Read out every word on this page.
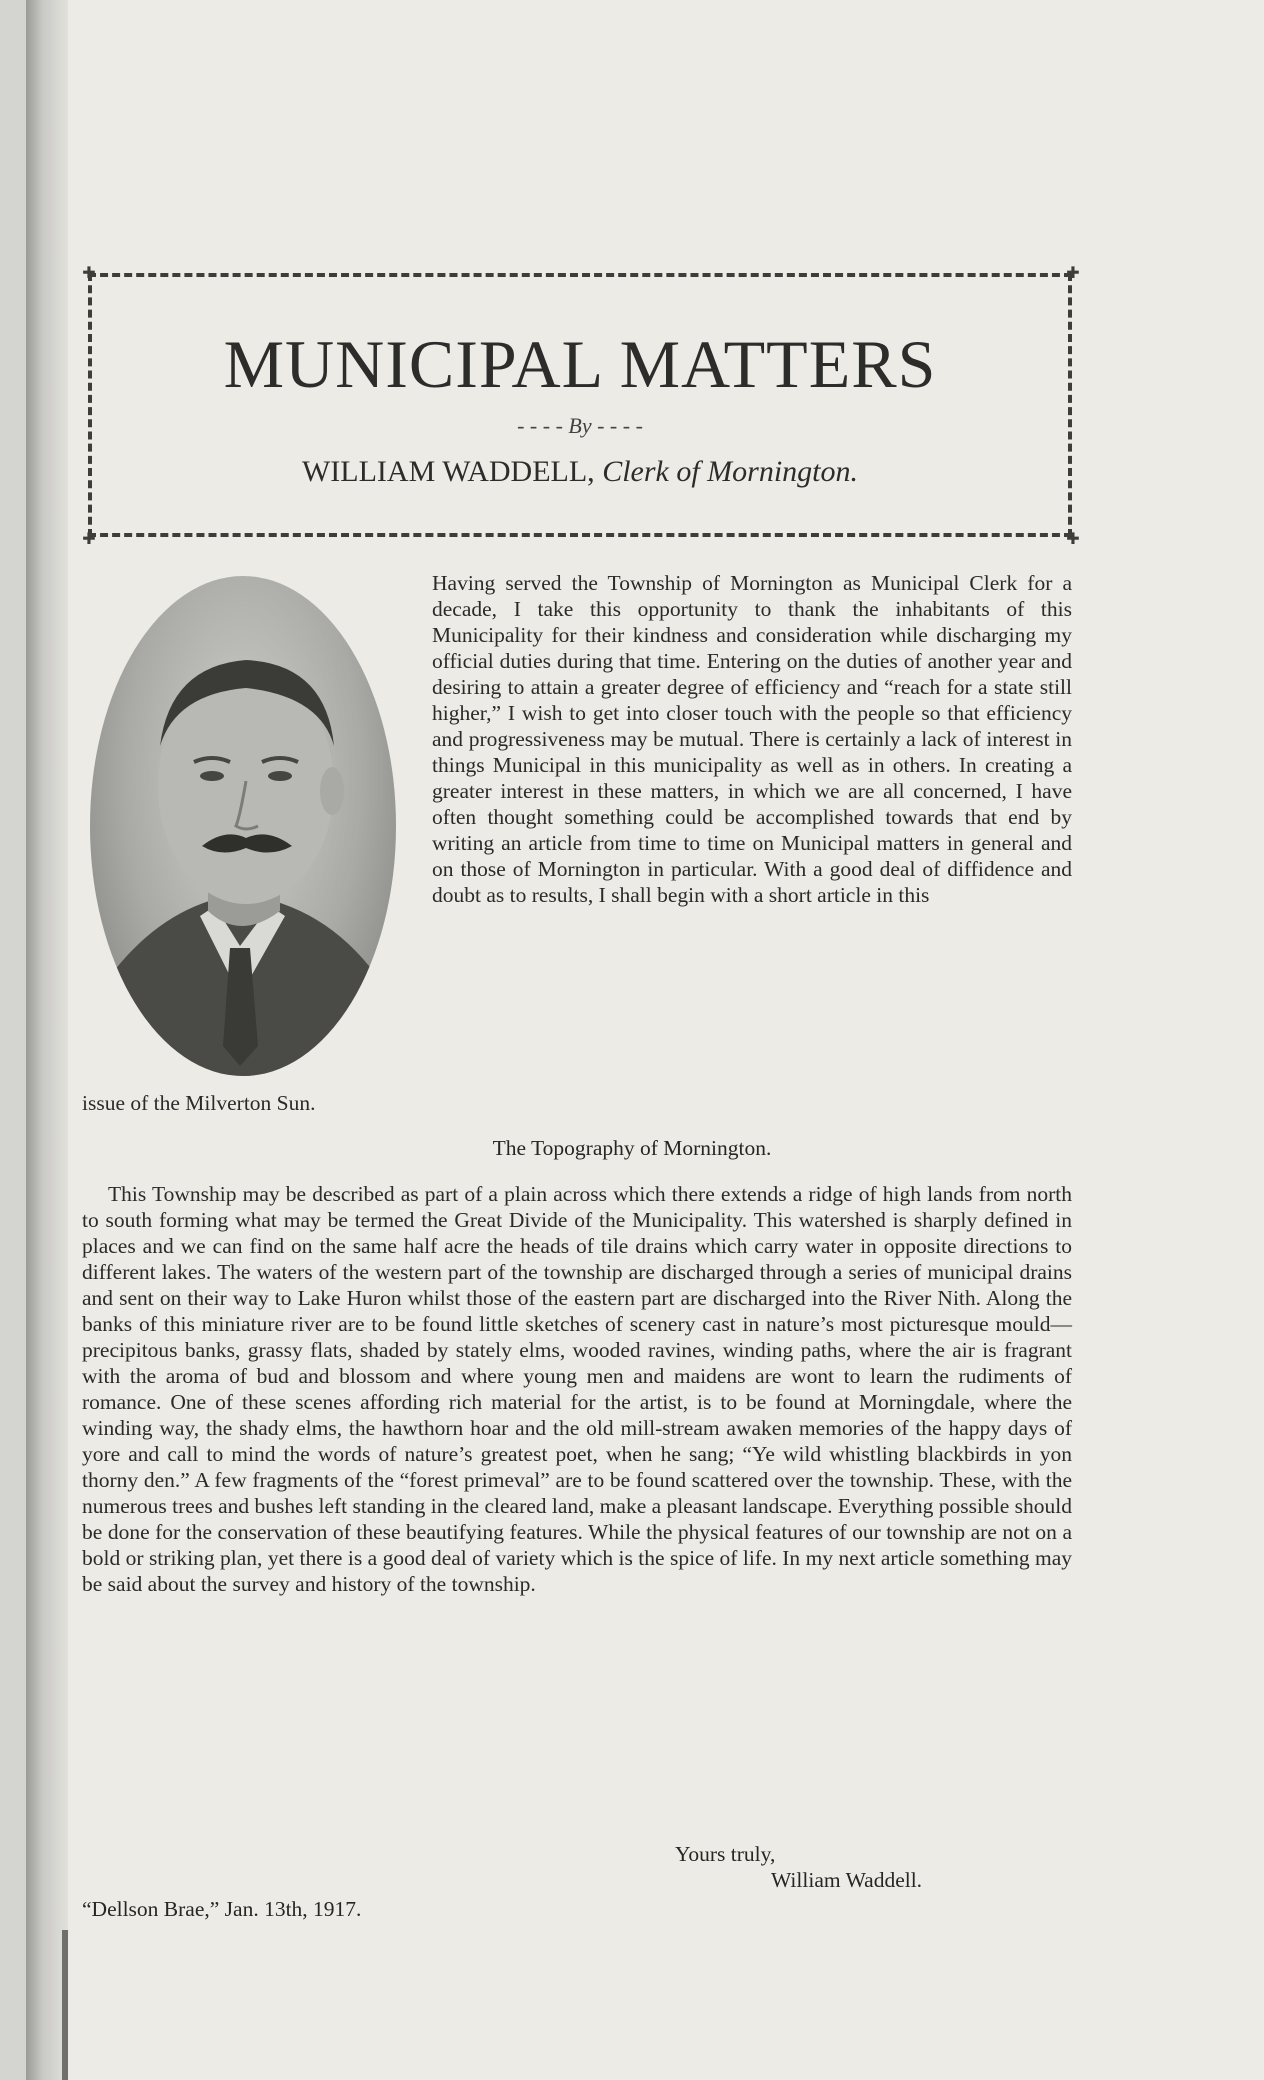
✚	✚
✚	✚
MUNICIPAL MATTERS
- - - - By - - - -
WILLIAM WADDELL, Clerk of Mornington.
Having served the Township of Mornington as Municipal Clerk for a decade, I take this opportunity to thank the inhabitants of this Municipality for their kindness and consideration while discharging my official duties during that time. Entering on the duties of another year and desiring to attain a greater degree of efficiency and “reach for a state still higher,” I wish to get into closer touch with the people so that efficiency and progressiveness may be mutual. There is certainly a lack of interest in things Municipal in this municipality as well as in others. In creating a greater interest in these matters, in which we are all concerned, I have often thought something could be accomplished towards that end by writing an article from time to time on Municipal matters in general and on those of Mornington in particular. With a good deal of diffidence and doubt as to results, I shall begin with a short article in this
issue of the Milverton Sun.
The Topography of Mornington.
This Township may be described as part of a plain across which there extends a ridge of high lands from north to south forming what may be termed the Great Divide of the Municipality. This watershed is sharply defined in places and we can find on the same half acre the heads of tile drains which carry water in opposite directions to different lakes. The waters of the western part of the township are discharged through a series of municipal drains and sent on their way to Lake Huron whilst those of the eastern part are discharged into the River Nith. Along the banks of this miniature river are to be found little sketches of scenery cast in nature’s most picturesque mould—precipitous banks, grassy flats, shaded by stately elms, wooded ravines, winding paths, where the air is fragrant with the aroma of bud and blossom and where young men and maidens are wont to learn the rudiments of romance. One of these scenes affording rich material for the artist, is to be found at Morningdale, where the winding way, the shady elms, the hawthorn hoar and the old mill-stream awaken memories of the happy days of yore and call to mind the words of nature’s greatest poet, when he sang; “Ye wild whistling blackbirds in yon thorny den.” A few fragments of the “forest primeval” are to be found scattered over the township. These, with the numerous trees and bushes left standing in the cleared land, make a pleasant landscape. Everything possible should be done for the conservation of these beautifying features. While the physical features of our township are not on a bold or striking plan, yet there is a good deal of variety which is the spice of life. In my next article something may be said about the survey and history of the township.
Yours truly,
William Waddell.
“Dellson Brae,” Jan. 13th, 1917.
